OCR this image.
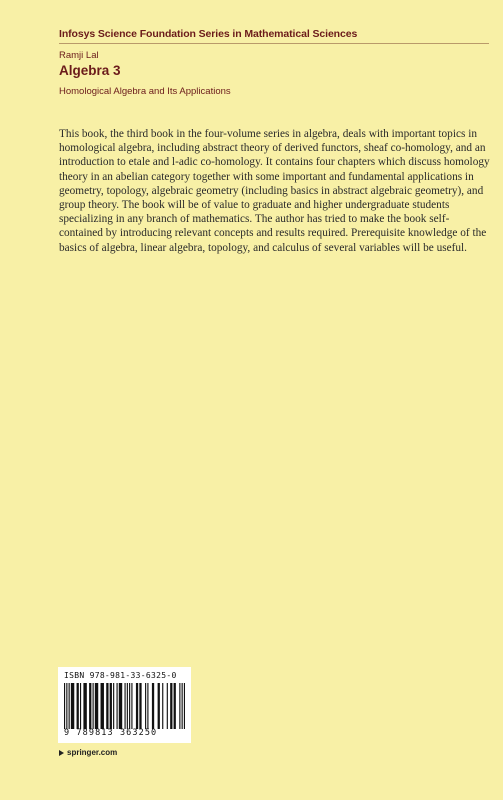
Infosys Science Foundation Series in Mathematical Sciences
Ramji Lal
Algebra 3
Homological Algebra and Its Applications
This book, the third book in the four-volume series in algebra, deals with important topics in homological algebra, including abstract theory of derived functors, sheaf co-homology, and an introduction to etale and l-adic co-homology. It contains four chapters which discuss homology theory in an abelian category together with some important and fundamental applications in geometry, topology, algebraic geometry (including basics in abstract algebraic geometry), and group theory. The book will be of value to graduate and higher undergraduate students specializing in any branch of mathematics. The author has tried to make the book self-contained by introducing relevant concepts and results required. Prerequisite knowledge of the basics of algebra, linear algebra, topology, and calculus of several variables will be useful.
ISBN 978-981-33-6325-0
9 789813 363250
springer.com
